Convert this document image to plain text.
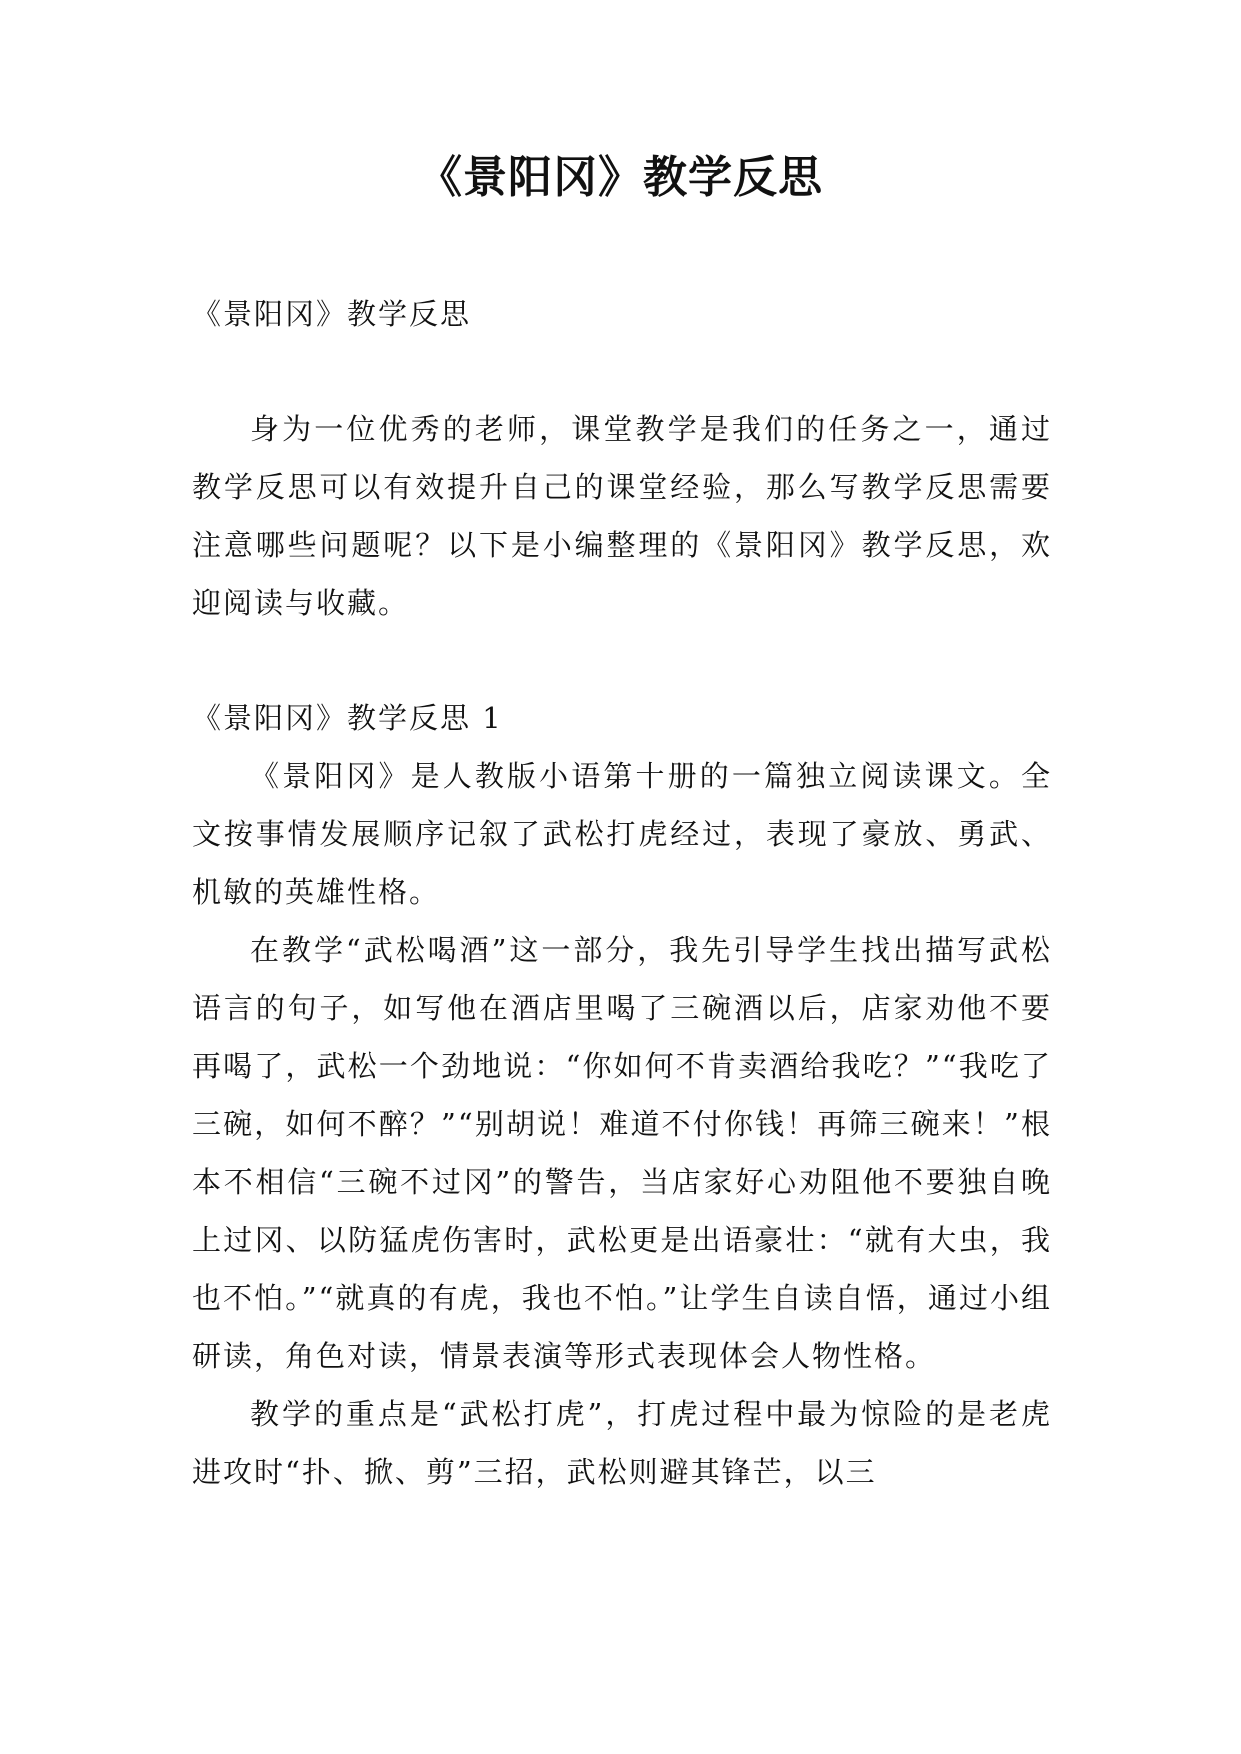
《景阳冈》教学反思

《景阳冈》教学反思

身为一位优秀的老师，课堂教学是我们的任务之一，通过教学反思可以有效提升自己的课堂经验，那么写教学反思需要注意哪些问题呢？以下是小编整理的《景阳冈》教学反思，欢迎阅读与收藏。

《景阳冈》教学反思 1

《景阳冈》是人教版小语第十册的一篇独立阅读课文。全文按事情发展顺序记叙了武松打虎经过，表现了豪放、勇武、机敏的英雄性格。

在教学“武松喝酒”这一部分，我先引导学生找出描写武松语言的句子，如写他在酒店里喝了三碗酒以后，店家劝他不要再喝了，武松一个劲地说：“你如何不肯卖酒给我吃？”“我吃了三碗，如何不醉？”“别胡说！难道不付你钱！再筛三碗来！”根本不相信“三碗不过冈”的警告，当店家好心劝阻他不要独自晚上过冈、以防猛虎伤害时，武松更是出语豪壮：“就有大虫，我也不怕。”“就真的有虎，我也不怕。”让学生自读自悟，通过小组研读，角色对读，情景表演等形式表现体会人物性格。

教学的重点是“武松打虎”，打虎过程中最为惊险的是老虎进攻时“扑、掀、剪”三招，武松则避其锋芒，以三
